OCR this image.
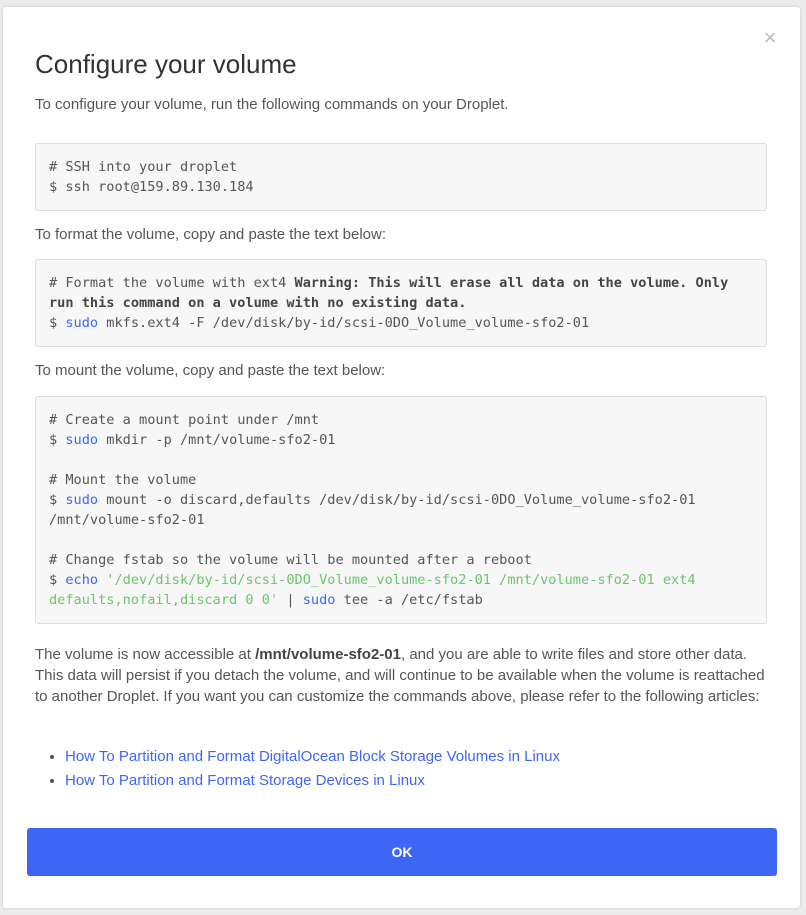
×
Configure your volume

To configure your volume, run the following commands on your Droplet.

# SSH into your droplet
$ ssh root@159.89.130.184

To format the volume, copy and paste the text below:

# Format the volume with ext4 Warning: This will erase all data on the volume. Only run this command on a volume with no existing data.
$ sudo mkfs.ext4 -F /dev/disk/by-id/scsi-0DO_Volume_volume-sfo2-01

To mount the volume, copy and paste the text below:

# Create a mount point under /mnt
$ sudo mkdir -p /mnt/volume-sfo2-01

# Mount the volume
$ sudo mount -o discard,defaults /dev/disk/by-id/scsi-0DO_Volume_volume-sfo2-01 /mnt/volume-sfo2-01

# Change fstab so the volume will be mounted after a reboot
$ echo '/dev/disk/by-id/scsi-0DO_Volume_volume-sfo2-01 /mnt/volume-sfo2-01 ext4 defaults,nofail,discard 0 0' | sudo tee -a /etc/fstab

The volume is now accessible at /mnt/volume-sfo2-01, and you are able to write files and store other data. This data will persist if you detach the volume, and will continue to be available when the volume is reattached to another Droplet. If you want you can customize the commands above, please refer to the following articles:

• How To Partition and Format DigitalOcean Block Storage Volumes in Linux
• How To Partition and Format Storage Devices in Linux
OK
